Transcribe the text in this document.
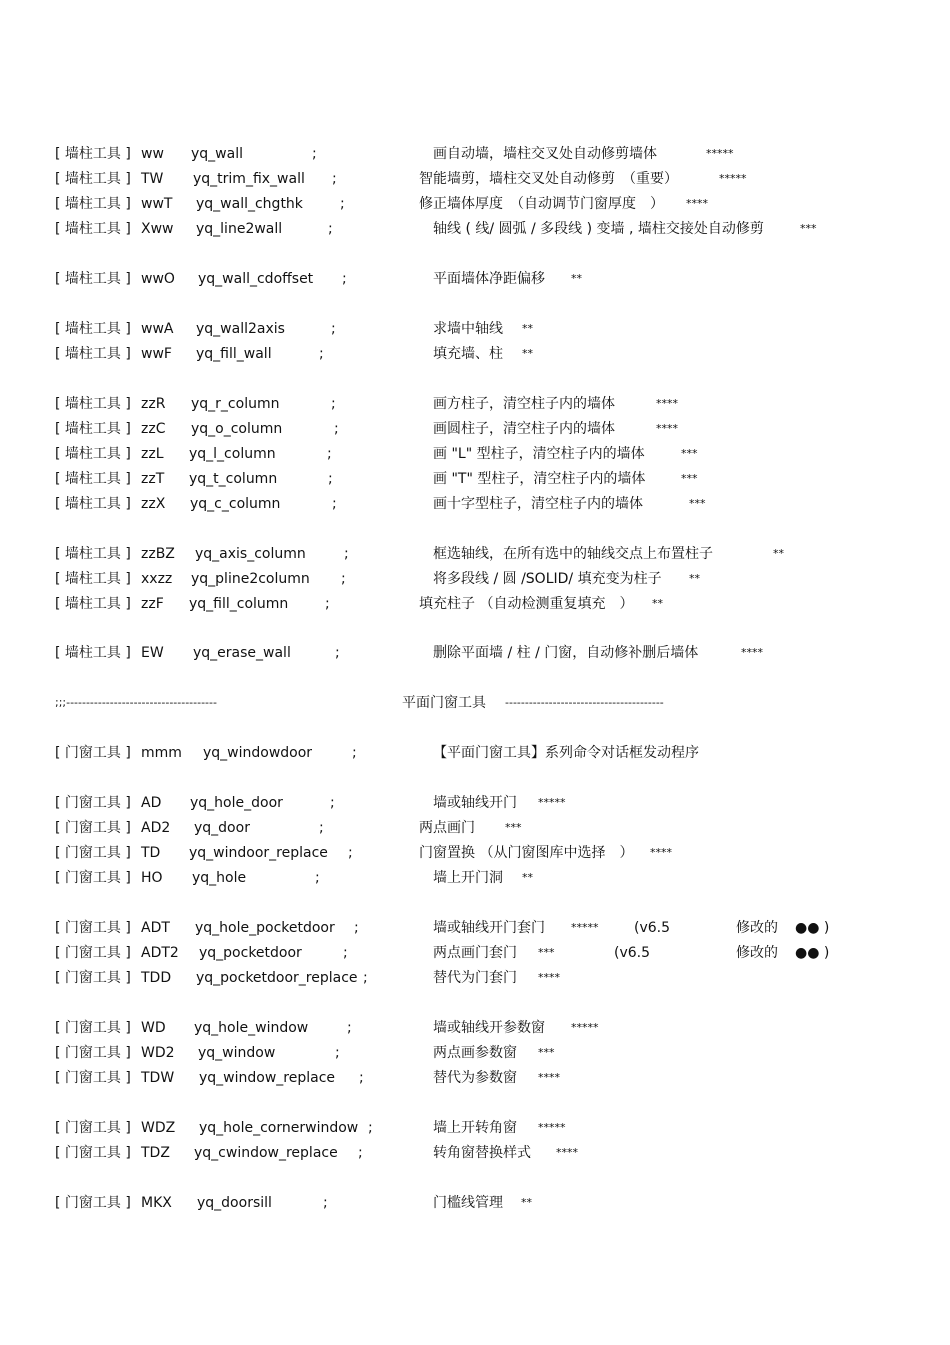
[ 墙柱工具 ] ww yq_wall	;	画自动墙，墙柱交叉处自动修剪墙体	*****
[ 墙柱工具 ] TW yq_trim_fix_wall ;	智能墙剪，墙柱交叉处自动修剪　（重要）	*****
[ 墙柱工具 ] wwT yq_wall_chgthk	;	修正墙体厚度　（自动调节门窗厚度　） ****
[ 墙柱工具 ] Xww yq_line2wall	;	轴线 ( 线/ 圆弧 / 多段线 ) 变墙 , 墙柱交接处自动修剪	***
[ 墙柱工具 ] wwO yq_wall_cdoffset ;	平面墙体净距偏移 **
[ 墙柱工具 ] wwA yq_wall2axis	;	求墙中轴线 **
[ 墙柱工具 ] wwF yq_fill_wall	;	填充墙、柱 **
[ 墙柱工具 ] zzR yq_r_column	;	画方柱子，清空柱子内的墙体	****
[ 墙柱工具 ] zzC yq_o_column	;	画圆柱子，清空柱子内的墙体	****
[ 墙柱工具 ] zzL yq_l_column	;	画 "L" 型柱子，清空柱子内的墙体	***
[ 墙柱工具 ] zzT yq_t_column	;	画 "T" 型柱子，清空柱子内的墙体	***
[ 墙柱工具 ] zzX yq_c_column	;	画十字型柱子，清空柱子内的墙体	***
[ 墙柱工具 ] zzBZ yq_axis_column	;	框选轴线，在所有选中的轴线交点上布置柱子	**
[ 墙柱工具 ] xxzz yq_pline2column ;	将多段线 / 圆 /SOLID/ 填充变为柱子 **
[ 墙柱工具 ] zzF yq_fill_column	;	填充柱子 （自动检测重复填充　） **
[ 墙柱工具 ] EW yq_erase_wall	;	删除平面墙 / 柱 / 门窗，自动修补删后墙体	****
[ 门窗工具 ] mmm yq_windowdoor	;	【平面门窗工具】系列命令对话框发动程序
[ 门窗工具 ] AD yq_hole_door	;	墙或轴线开门 *****
[ 门窗工具 ] AD2 yq_door	;	两点画门	***
[ 门窗工具 ] TD yq_windoor_replace ;	门窗置换 （从门窗图库中选择　） ****
[ 门窗工具 ] HO yq_hole	;	墙上开门洞 **
[ 门窗工具 ] ADT yq_hole_pocketdoor ;	墙或轴线开门套门 *****	(v6.5	修改的 ●● )
[ 门窗工具 ] ADT2 yq_pocketdoor	;	两点画门套门 ***	(v6.5	修改的 ●● )
[ 门窗工具 ] TDD yq_pocketdoor_replace ;	替代为门套门 ****
[ 门窗工具 ] WD yq_hole_window	;	墙或轴线开参数窗 *****
[ 门窗工具 ] WD2 yq_window	;	两点画参数窗 ***
[ 门窗工具 ] TDW yq_window_replace ;	替代为参数窗 ****
[ 门窗工具 ] WDZ yq_hole_cornerwindow ;	墙上开转角窗 *****
[ 门窗工具 ] TDZ yq_cwindow_replace ;	转角窗替换样式 ****
[ 门窗工具 ] MKX yq_doorsill	;	门槛线管理 **
;;;--------------------------------------	平面门窗工具 ----------------------------------------
